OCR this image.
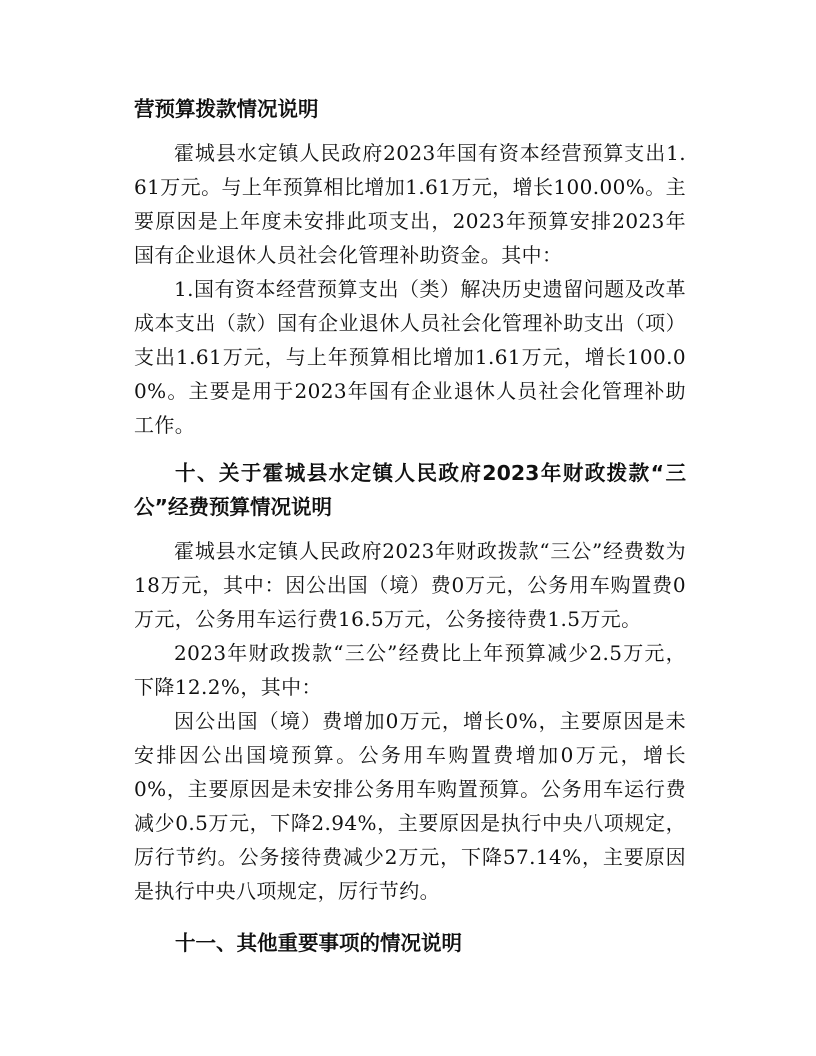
营预算拨款情况说明

霍城县水定镇人民政府2023年国有资本经营预算支出1.61万元。与上年预算相比增加1.61万元，增长100.00%。主要原因是上年度未安排此项支出，2023年预算安排2023年国有企业退休人员社会化管理补助资金。其中：

1.国有资本经营预算支出（类）解决历史遗留问题及改革成本支出（款）国有企业退休人员社会化管理补助支出（项）支出1.61万元，与上年预算相比增加1.61万元，增长100.00%。主要是用于2023年国有企业退休人员社会化管理补助工作。

十、关于霍城县水定镇人民政府2023年财政拨款“三公”经费预算情况说明

霍城县水定镇人民政府2023年财政拨款“三公”经费数为18万元，其中：因公出国（境）费0万元，公务用车购置费0万元，公务用车运行费16.5万元，公务接待费1.5万元。

2023年财政拨款“三公”经费比上年预算减少2.5万元，下降12.2%，其中：

因公出国（境）费增加0万元，增长0%，主要原因是未安排因公出国境预算。公务用车购置费增加0万元，增长0%，主要原因是未安排公务用车购置预算。公务用车运行费减少0.5万元，下降2.94%，主要原因是执行中央八项规定，厉行节约。公务接待费减少2万元，下降57.14%，主要原因是执行中央八项规定，厉行节约。

十一、其他重要事项的情况说明
